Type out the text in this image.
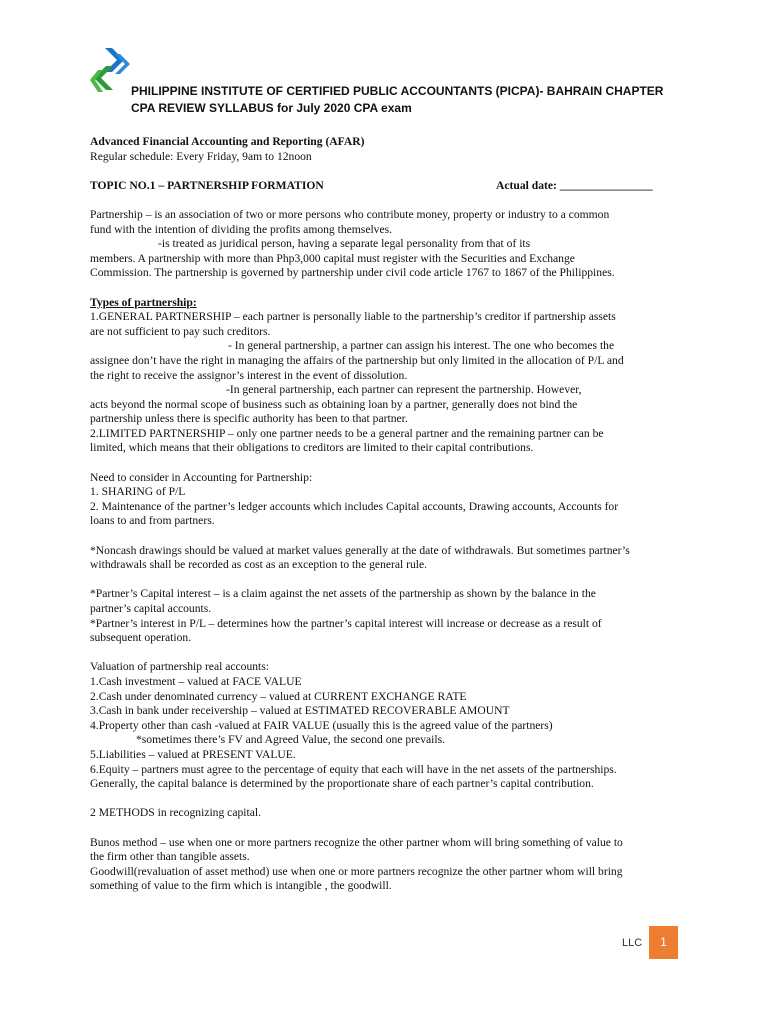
PHILIPPINE INSTITUTE OF CERTIFIED PUBLIC ACCOUNTANTS (PICPA)- BAHRAIN CHAPTER
CPA REVIEW SYLLABUS for July 2020 CPA exam

Advanced Financial Accounting and Reporting (AFAR)

Regular schedule: Every Friday, 9am to 12noon

TOPIC NO.1 – PARTNERSHIP FORMATION	Actual date: ________________

Partnership – is an association of two or more persons who contribute money, property or industry to a common

fund with the intention of dividing the profits among themselves.

-is treated as juridical person, having a separate legal personality from that of its

members. A partnership with more than Php3,000 capital must register with the Securities and Exchange

Commission. The partnership is governed by partnership under civil code article 1767 to 1867 of the Philippines.

Types of partnership:

1.GENERAL PARTNERSHIP – each partner is personally liable to the partnership’s creditor if partnership assets

are not sufficient to pay such creditors.

- In general partnership, a partner can assign his interest. The one who becomes the

assignee don’t have the right in managing the affairs of the partnership but only limited in the allocation of P/L and

the right to receive the assignor’s interest in the event of dissolution.

-In general partnership, each partner can represent the partnership. However,

acts beyond the normal scope of business such as obtaining loan by a partner, generally does not bind the

partnership unless there is specific authority has been to that partner.

2.LIMITED PARTNERSHIP – only one partner needs to be a general partner and the remaining partner can be

limited, which means that their obligations to creditors are limited to their capital contributions.

Need to consider in Accounting for Partnership:

1. SHARING of P/L

2. Maintenance of the partner’s ledger accounts which includes Capital accounts, Drawing accounts, Accounts for

loans to and from partners.

*Noncash drawings should be valued at market values generally at the date of withdrawals. But sometimes partner’s

withdrawals shall be recorded as cost as an exception to the general rule.

*Partner’s Capital interest – is a claim against the net assets of the partnership as shown by the balance in the

partner’s capital accounts.

*Partner’s interest in P/L – determines how the partner’s capital interest will increase or decrease as a result of

subsequent operation.

Valuation of partnership real accounts:

1.Cash investment – valued at FACE VALUE

2.Cash under denominated currency – valued at CURRENT EXCHANGE RATE

3.Cash in bank under receivership – valued at ESTIMATED RECOVERABLE AMOUNT

4.Property other than cash -valued at FAIR VALUE (usually this is the agreed value of the partners)

*sometimes there’s FV and Agreed Value, the second one prevails.

5.Liabilities – valued at PRESENT VALUE.

6.Equity – partners must agree to the percentage of equity that each will have in the net assets of the partnerships.

Generally, the capital balance is determined by the proportionate share of each partner’s capital contribution.

2 METHODS in recognizing capital.

Bunos method – use when one or more partners recognize the other partner whom will bring something of value to

the firm other than tangible assets.

Goodwill(revaluation of asset method) use when one or more partners recognize the other partner whom will bring

something of value to the firm which is intangible , the goodwill.

LLC	1
